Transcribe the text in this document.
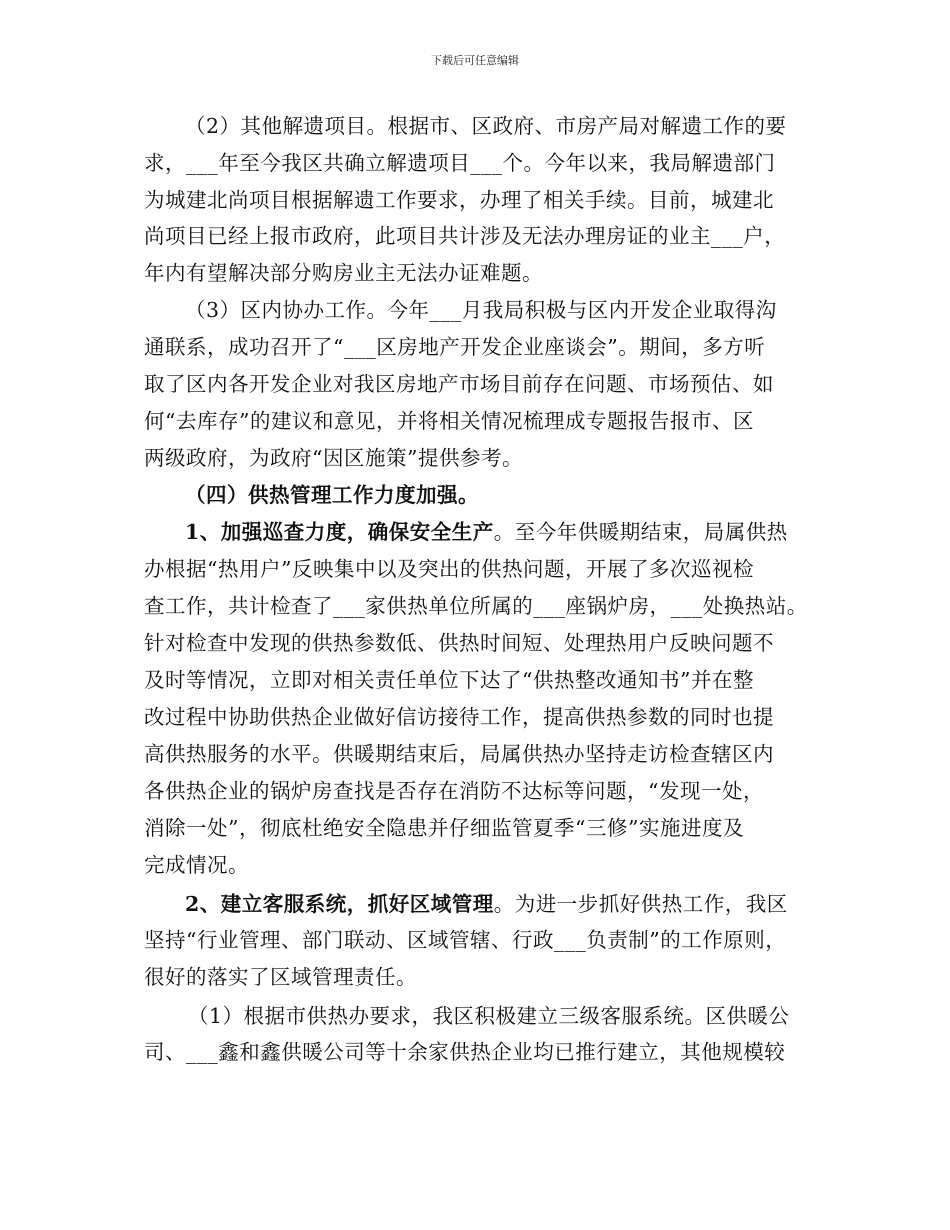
下载后可任意编辑
（2）其他解遗项目。根据市、区政府、市房产局对解遗工作的要
求，___年至今我区共确立解遗项目___个。今年以来，我局解遗部门
为城建北尚项目根据解遗工作要求，办理了相关手续。目前，城建北
尚项目已经上报市政府，此项目共计涉及无法办理房证的业主___户，
年内有望解决部分购房业主无法办证难题。
（3）区内协办工作。今年___月我局积极与区内开发企业取得沟
通联系，成功召开了“___区房地产开发企业座谈会”。期间，多方听
取了区内各开发企业对我区房地产市场目前存在问题、市场预估、如
何“去库存”的建议和意见，并将相关情况梳理成专题报告报市、区
两级政府，为政府“因区施策”提供参考。
（四）供热管理工作力度加强。
1、加强巡查力度，确保安全生产。至今年供暖期结束，局属供热
办根据“热用户”反映集中以及突出的供热问题，开展了多次巡视检
查工作，共计检查了___家供热单位所属的___座锅炉房，___处换热站。
针对检查中发现的供热参数低、供热时间短、处理热用户反映问题不
及时等情况，立即对相关责任单位下达了“供热整改通知书”并在整
改过程中协助供热企业做好信访接待工作，提高供热参数的同时也提
高供热服务的水平。供暖期结束后，局属供热办坚持走访检查辖区内
各供热企业的锅炉房查找是否存在消防不达标等问题，“发现一处，
消除一处”，彻底杜绝安全隐患并仔细监管夏季“三修”实施进度及
完成情况。
2、建立客服系统，抓好区域管理。为进一步抓好供热工作，我区
坚持“行业管理、部门联动、区域管辖、行政___负责制”的工作原则，
很好的落实了区域管理责任。
（1）根据市供热办要求，我区积极建立三级客服系统。区供暖公
司、___鑫和鑫供暖公司等十余家供热企业均已推行建立，其他规模较
